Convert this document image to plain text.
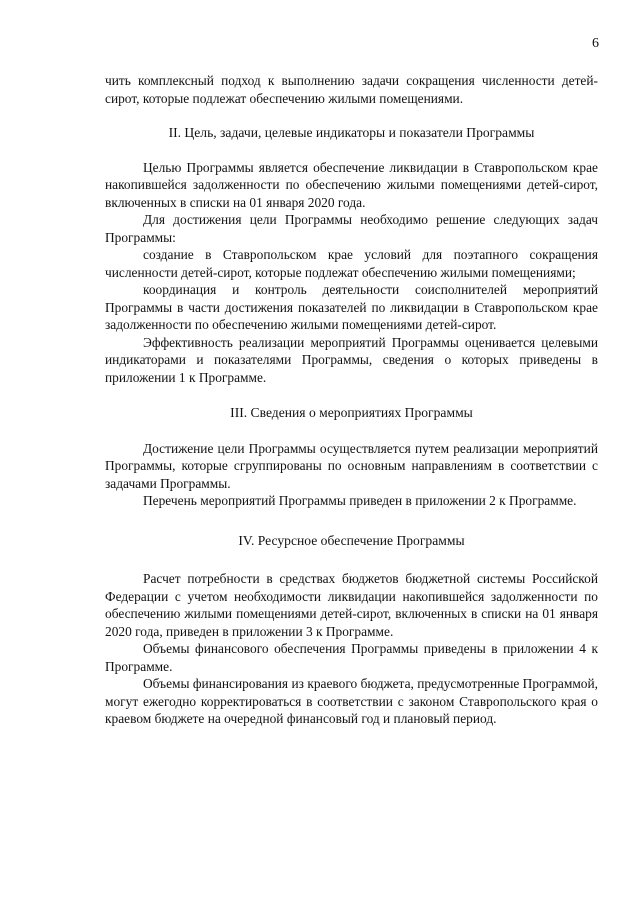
6

чить комплексный подход к выполнению задачи сокращения численности детей-сирот, которые подлежат обеспечению жилыми помещениями.

II. Цель, задачи, целевые индикаторы и показатели Программы

Целью Программы является обеспечение ликвидации в Ставропольском крае накопившейся задолженности по обеспечению жилыми помещениями детей-сирот, включенных в списки на 01 января 2020 года.

Для достижения цели Программы необходимо решение следующих задач Программы:

создание в Ставропольском крае условий для поэтапного сокращения численности детей-сирот, которые подлежат обеспечению жилыми помещениями;

координация и контроль деятельности соисполнителей мероприятий Программы в части достижения показателей по ликвидации в Ставропольском крае задолженности по обеспечению жилыми помещениями детей-сирот.

Эффективность реализации мероприятий Программы оценивается целевыми индикаторами и показателями Программы, сведения о которых приведены в приложении 1 к Программе.

III. Сведения о мероприятиях Программы

Достижение цели Программы осуществляется путем реализации мероприятий Программы, которые сгруппированы по основным направлениям в соответствии с задачами Программы.

Перечень мероприятий Программы приведен в приложении 2 к Программе.

IV. Ресурсное обеспечение Программы

Расчет потребности в средствах бюджетов бюджетной системы Российской Федерации с учетом необходимости ликвидации накопившейся задолженности по обеспечению жилыми помещениями детей-сирот, включенных в списки на 01 января 2020 года, приведен в приложении 3 к Программе.

Объемы финансового обеспечения Программы приведены в приложении 4 к Программе.

Объемы финансирования из краевого бюджета, предусмотренные Программой, могут ежегодно корректироваться в соответствии с законом Ставропольского края о краевом бюджете на очередной финансовый год и плановый период.
